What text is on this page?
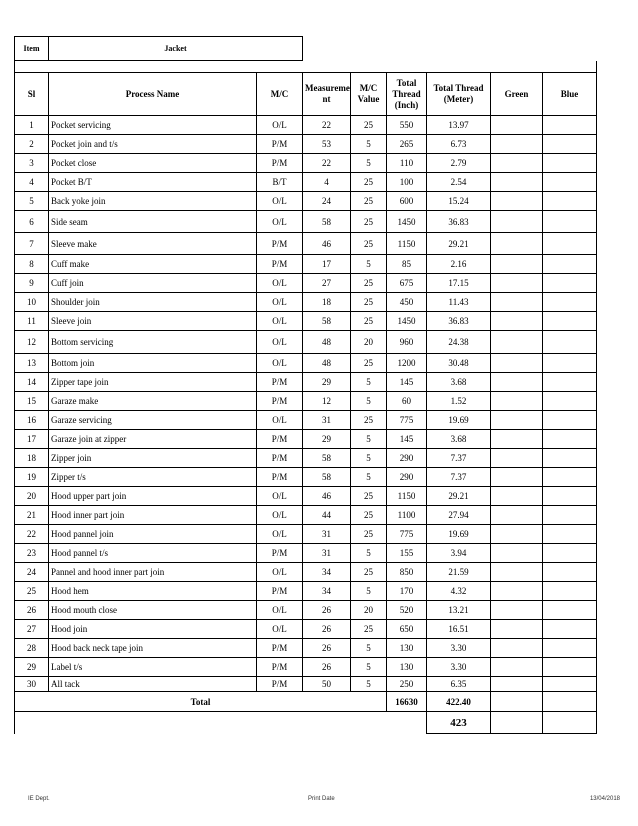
Item	Jacket							

Sl	Process Name	M/C	Measureme nt	M/C Value	Total Thread (Inch)	Total Thread (Meter)	Green	Blue
1	Pocket servicing	O/L	22	25	550	13.97		
2	Pocket join and t/s	P/M	53	5	265	6.73		
3	Pocket close	P/M	22	5	110	2.79		
4	Pocket B/T	B/T	4	25	100	2.54		
5	Back yoke join	O/L	24	25	600	15.24		
6	Side seam	O/L	58	25	1450	36.83		
7	Sleeve make	P/M	46	25	1150	29.21		
8	Cuff make	P/M	17	5	85	2.16		
9	Cuff join	O/L	27	25	675	17.15		
10	Shoulder join	O/L	18	25	450	11.43		
11	Sleeve join	O/L	58	25	1450	36.83		
12	Bottom servicing	O/L	48	20	960	24.38		
13	Bottom join	O/L	48	25	1200	30.48		
14	Zipper tape join	P/M	29	5	145	3.68		
15	Garaze make	P/M	12	5	60	1.52		
16	Garaze servicing	O/L	31	25	775	19.69		
17	Garaze join at zipper	P/M	29	5	145	3.68		
18	Zipper join	P/M	58	5	290	7.37		
19	Zipper t/s	P/M	58	5	290	7.37		
20	Hood upper part join	O/L	46	25	1150	29.21		
21	Hood inner part join	O/L	44	25	1100	27.94		
22	Hood pannel join	O/L	31	25	775	19.69		
23	Hood pannel t/s	P/M	31	5	155	3.94		
24	Pannel and hood inner part join	O/L	34	25	850	21.59		
25	Hood hem	P/M	34	5	170	4.32		
26	Hood mouth close	O/L	26	20	520	13.21		
27	Hood join	O/L	26	25	650	16.51		
28	Hood back neck tape join	P/M	26	5	130	3.30		
29	Label t/s	P/M	26	5	130	3.30		
30	All tack	P/M	50	5	250	6.35		
Total					16630	422.40		
						423		
IE Dept.	Print Date	13/04/2018
